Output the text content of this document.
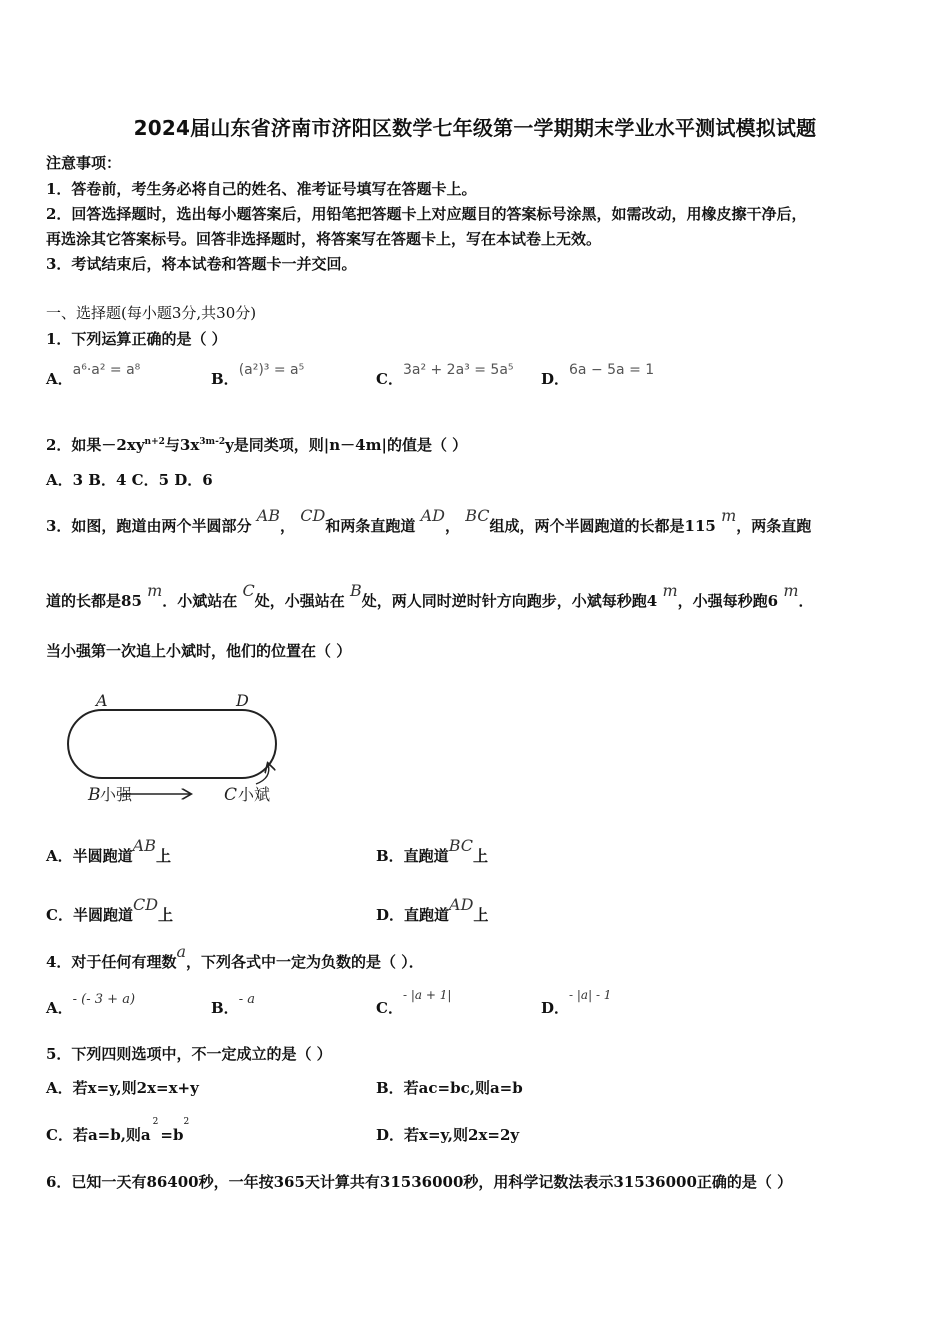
2024届山东省济南市济阳区数学七年级第一学期期末学业水平测试模拟试题
注意事项：
1．答卷前，考生务必将自己的姓名、准考证号填写在答题卡上。
2．回答选择题时，选出每小题答案后，用铅笔把答题卡上对应题目的答案标号涂黑，如需改动，用橡皮擦干净后，
再选涂其它答案标号。回答非选择题时，将答案写在答题卡上，写在本试卷上无效。
3．考试结束后，将本试卷和答题卡一并交回。
一、选择题(每小题3分,共30分)
1．下列运算正确的是（ ）
A．a⁶·a² = a⁸	B．(a²)³ = a⁵	C．3a² + 2a³ = 5a⁵ D．6a − 5a = 1
2．如果$-2xy^{n+2}$与$3x^{3m-2}y$是同类项，则|n－4m|的值是（ ）
A．3 B．4 C．5 D．6
3．如图，跑道由两个半圆部分 AB， CD和两条直跑道 AD， BC组成，两个半圆跑道的长都是115 m，两条直跑
道的长都是85 m．小斌站在 C处，小强站在 B处，两人同时逆时针方向跑步，小斌每秒跑4 m，小强每秒跑6 m．
当小强第一次追上小斌时，他们的位置在（ ）
A	D
B 小强	C 小斌
A．半圆跑道AB上	B．直跑道BC上
C．半圆跑道CD上	D．直跑道AD上
4．对于任何有理数a，下列各式中一定为负数的是（ ）．
A．- (- 3 + a)	B．- a	C．$^{- |a + 1|}$
D．$^{- |a| - 1}$
5．下列四则选项中，不一定成立的是（ ）
A．若x=y,则2x=x+y	B．若ac=bc,则a=b
C．若a=b,则$a^2=b^2$
D．若x=y,则2x=2y
6．已知一天有86400秒，一年按365天计算共有31536000秒，用科学记数法表示31536000正确的是（ ）
